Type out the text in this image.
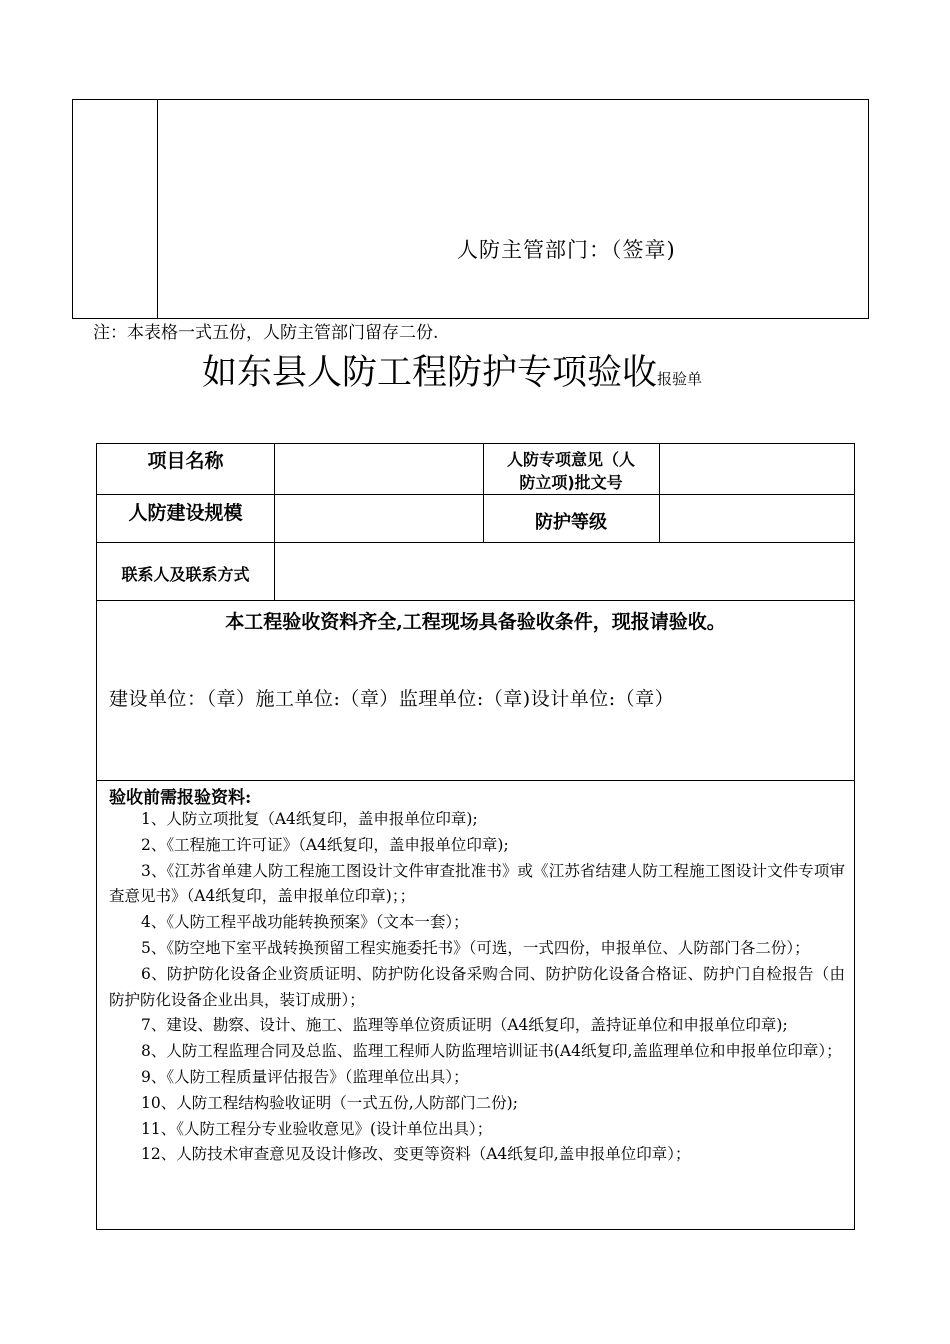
人防主管部门：（签章)
注：本表格一式五份，人防主管部门留存二份.
如东县人防工程防护专项验收报验单
项目名称	人防专项意见（人
防立项)批文号
人防建设规模	防护等级
联系人及联系方式
本工程验收资料齐全,工程现场具备验收条件，现报请验收。
建设单位：（章）施工单位:（章）监理单位:（章)设计单位:（章）
验收前需报验资料:

1、人防立项批复（A4纸复印，盖申报单位印章);

2、《工程施工许可证》（A4纸复印，盖申报单位印章);

3、《江苏省单建人防工程施工图设计文件审查批准书》或《江苏省结建人防工程施工图设计文件专项审查意见书》（A4纸复印，盖申报单位印章)；；

4、《人防工程平战功能转换预案》（文本一套）；

5、《防空地下室平战转换预留工程实施委托书》（可选，一式四份，申报单位、人防部门各二份）；

6、防护防化设备企业资质证明、防护防化设备采购合同、防护防化设备合格证、防护门自检报告（由防护防化设备企业出具，装订成册）；

7、建设、勘察、设计、施工、监理等单位资质证明（A4纸复印，盖持证单位和申报单位印章);

8、人防工程监理合同及总监、监理工程师人防监理培训证书(A4纸复印,盖监理单位和申报单位印章）；

9、《人防工程质量评估报告》（监理单位出具）；

10、人防工程结构验收证明（一式五份,人防部门二份);

11、《人防工程分专业验收意见》(设计单位出具）；

12、人防技术审查意见及设计修改、变更等资料（A4纸复印,盖申报单位印章）；
